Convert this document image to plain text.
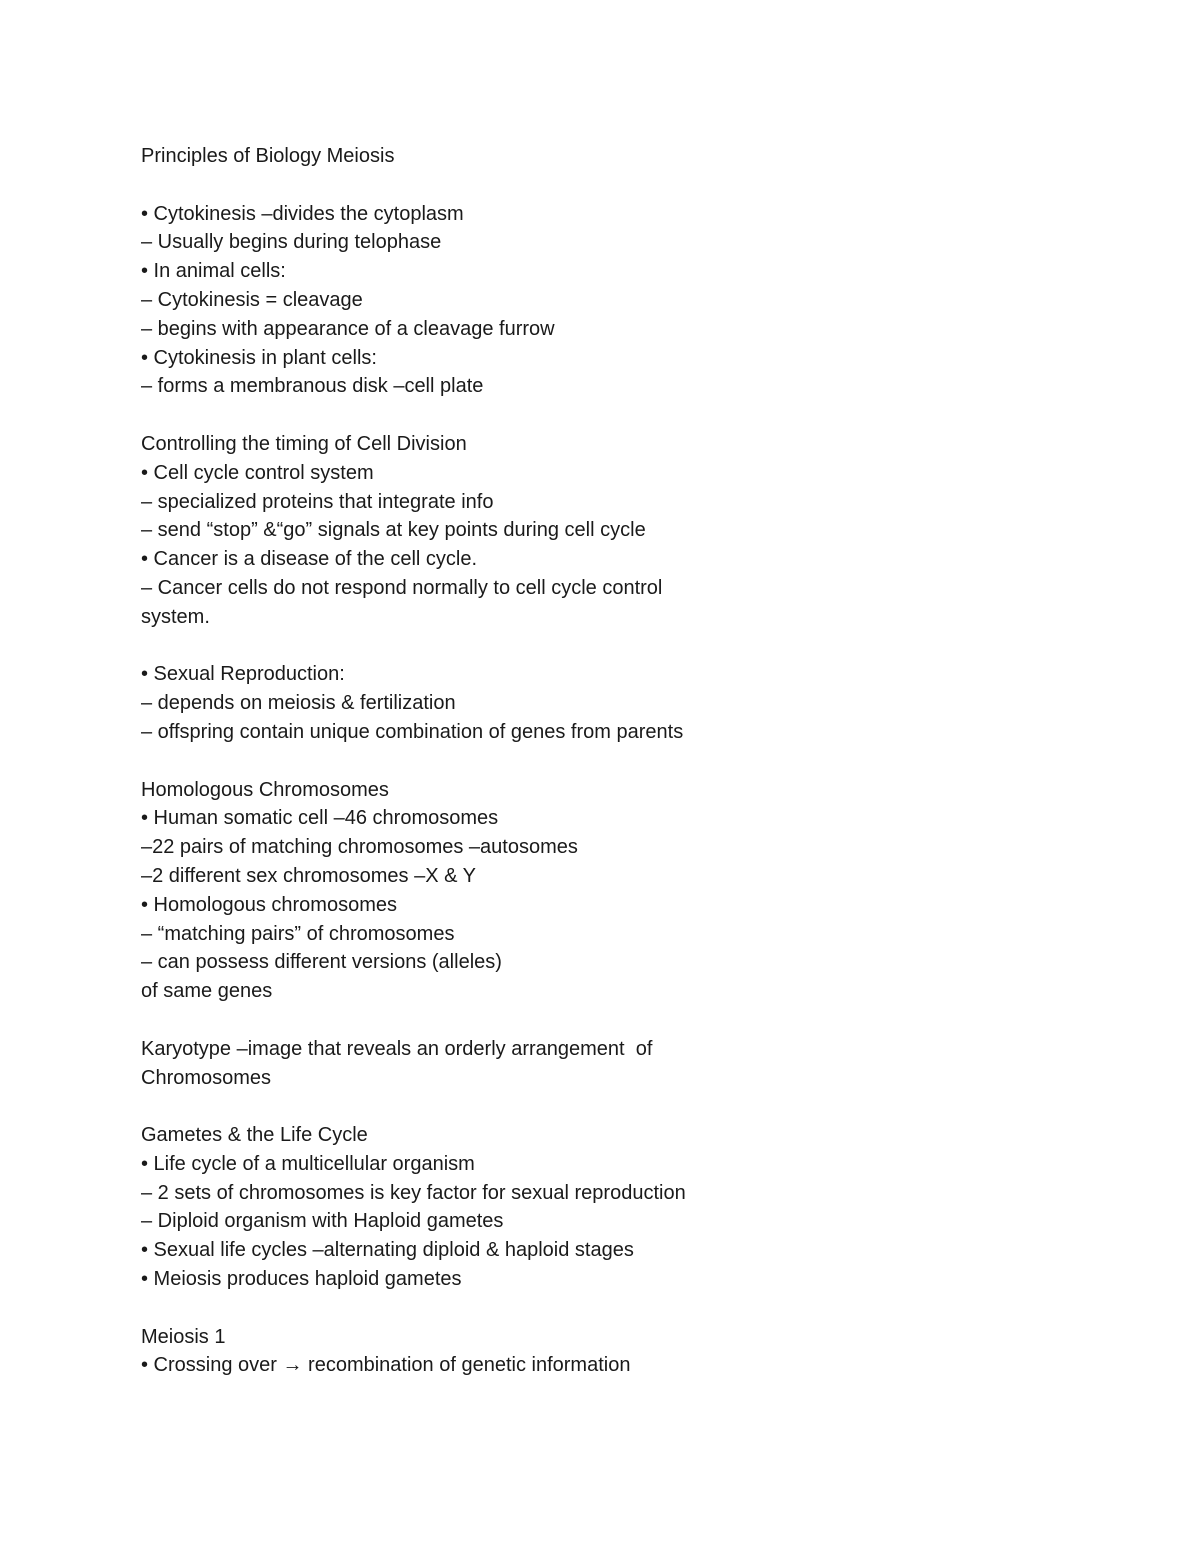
Principles of Biology Meiosis
• Cytokinesis –divides the cytoplasm
– Usually begins during telophase
• In animal cells:
– Cytokinesis = cleavage
– begins with appearance of a cleavage furrow
• Cytokinesis in plant cells:
– forms a membranous disk –cell plate
Controlling the timing of Cell Division
• Cell cycle control system
– specialized proteins that integrate info
– send “stop” &“go” signals at key points during cell cycle
• Cancer is a disease of the cell cycle.
– Cancer cells do not respond normally to cell cycle control
system.
• Sexual Reproduction:
– depends on meiosis & fertilization
– offspring contain unique combination of genes from parents
Homologous Chromosomes
• Human somatic cell –46 chromosomes
–22 pairs of matching chromosomes –autosomes
–2 different sex chromosomes –X & Y
• Homologous chromosomes
– “matching pairs” of chromosomes
– can possess different versions (alleles)
of same genes
Karyotype –image that reveals an orderly arrangement  of
Chromosomes
Gametes & the Life Cycle
• Life cycle of a multicellular organism
– 2 sets of chromosomes is key factor for sexual reproduction
– Diploid organism with Haploid gametes
• Sexual life cycles –alternating diploid & haploid stages
• Meiosis produces haploid gametes
Meiosis 1
• Crossing over → recombination of genetic information
